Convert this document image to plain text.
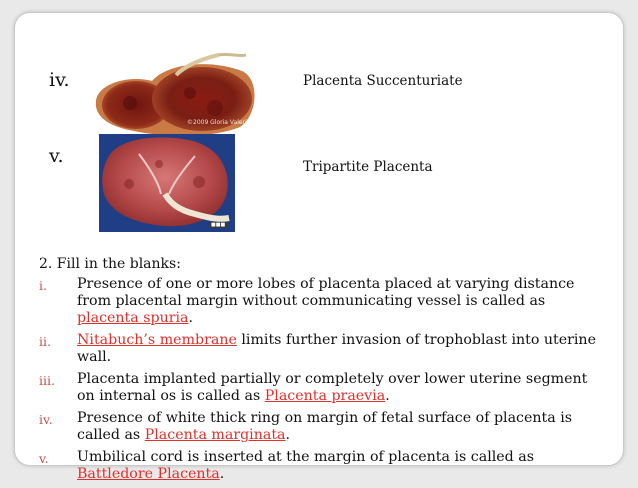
iv.
©2009 Gloria Valeria
Placenta Succenturiate
v.
■■■
Tripartite Placenta
2. Fill in the blanks:
i. Presence of one or more lobes of placenta placed at varying distance from placental margin without communicating vessel is called as placenta spuria.
ii. Nitabuch’s membrane limits further invasion of trophoblast into uterine wall.
iii. Placenta implanted partially or completely over lower uterine segment on internal os is called as Placenta praevia.
iv. Presence of white thick ring on margin of fetal surface of placenta is called as Placenta marginata.
v. Umbilical cord is inserted at the margin of placenta is called as Battledore Placenta.
